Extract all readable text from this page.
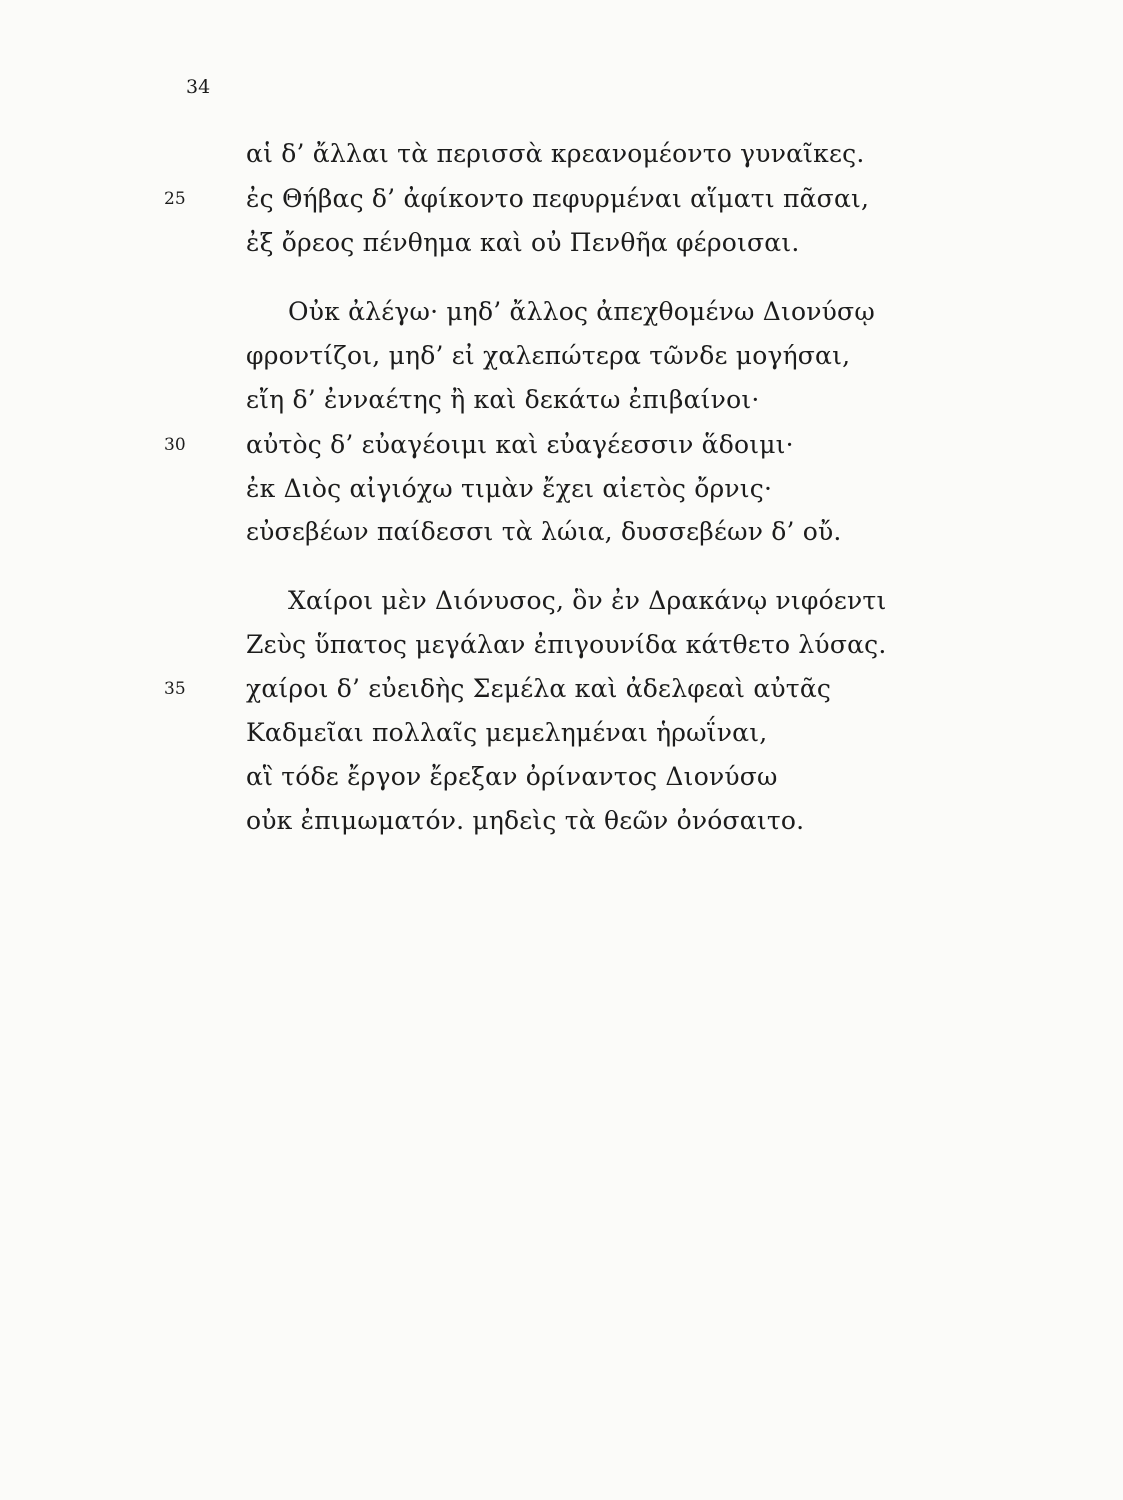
34
αἱ δ’ ἄλλαι τὰ περισσὰ κρεανομέοντο γυναῖκες.
25 ἐς Θήβας δ’ ἀφίκοντο πεφυρμέναι αἵματι πᾶσαι,
ἐξ ὄρεος πένθημα καὶ οὐ Πενθῆα φέροισαι.
Οὐκ ἀλέγω· μηδ’ ἄλλος ἀπεχθομένω Διονύσῳ
φροντίζοι, μηδ’ εἰ χαλεπώτερα τῶνδε μογήσαι,
εἴη δ’ ἐνναέτης ἢ καὶ δεκάτω ἐπιβαίνοι·
30 αὐτὸς δ’ εὐαγέοιμι καὶ εὐαγέεσσιν ἅδοιμι·
ἐκ Διὸς αἰγιόχω τιμὰν ἔχει αἰετὸς ὄρνις·
εὐσεβέων παίδεσσι τὰ λώια, δυσσεβέων δ’ οὔ.
Χαίροι μὲν Διόνυσος, ὃν ἐν Δρακάνῳ νιφόεντι
Ζεὺς ὕπατος μεγάλαν ἐπιγουνίδα κάτθετο λύσας.
35 χαίροι δ’ εὐειδὴς Σεμέλα καὶ ἀδελφεαὶ αὐτᾶς
Καδμεῖαι πολλαῖς μεμελημέναι ἡρωΐναι,
αἳ τόδε ἔργον ἔρεξαν ὀρίναντος Διονύσω
οὐκ ἐπιμωματόν. μηδεὶς τὰ θεῶν ὀνόσαιτο.
